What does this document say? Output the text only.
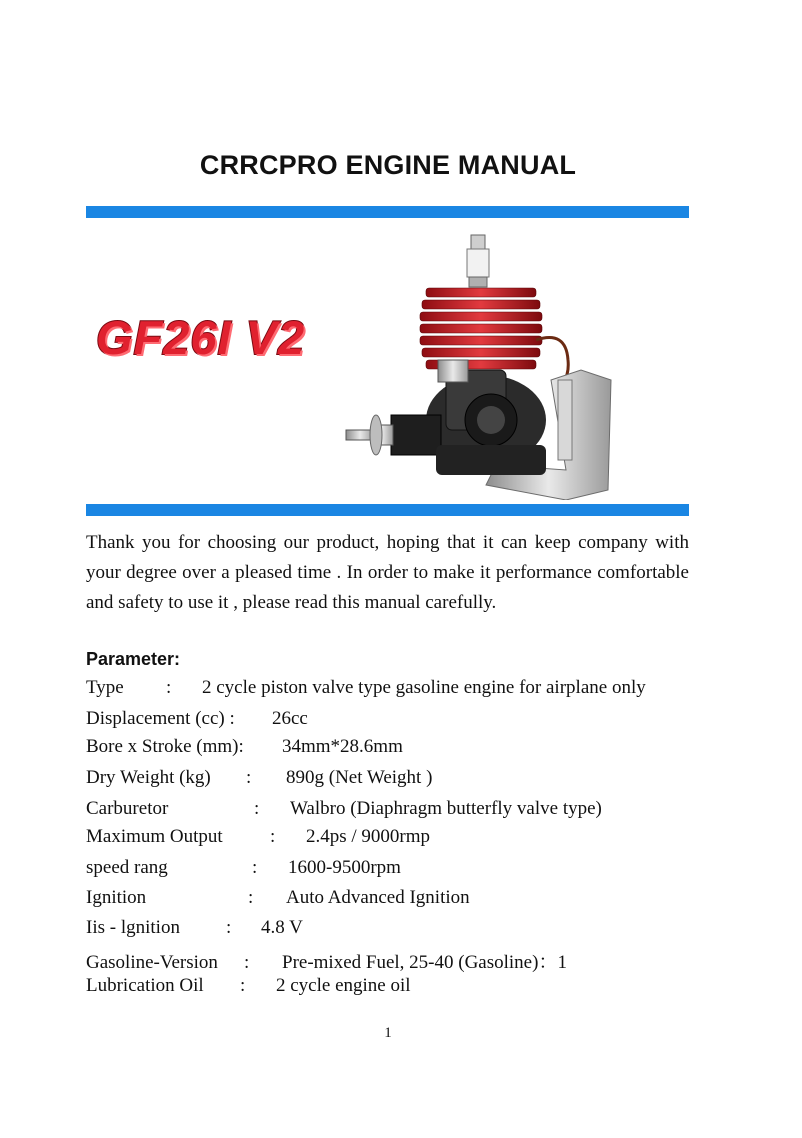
CRRCPRO ENGINE MANUAL
GF26I V2

Thank you for choosing our product, hoping that it can keep company with your degree over a pleased time . In order to make it performance comfortable and safety to use it , please read this manual carefully.

Parameter:
Type : 2 cycle piston valve type gasoline engine for airplane only
Displacement (cc) : 26cc
Bore x Stroke (mm): 34mm*28.6mm
Dry Weight (kg) : 890g (Net Weight )
Carburetor	: Walbro (Diaphragm butterfly valve type)
Maximum Output : 2.4ps / 9000rmp
speed rang	: 1600-9500rpm
Ignition	: Auto Advanced Ignition
Iis - lgnition : 4.8 V
Gasoline-Version : Pre-mixed Fuel, 25-40 (Gasoline)：1
Lubrication Oil : 2 cycle engine oil
1
